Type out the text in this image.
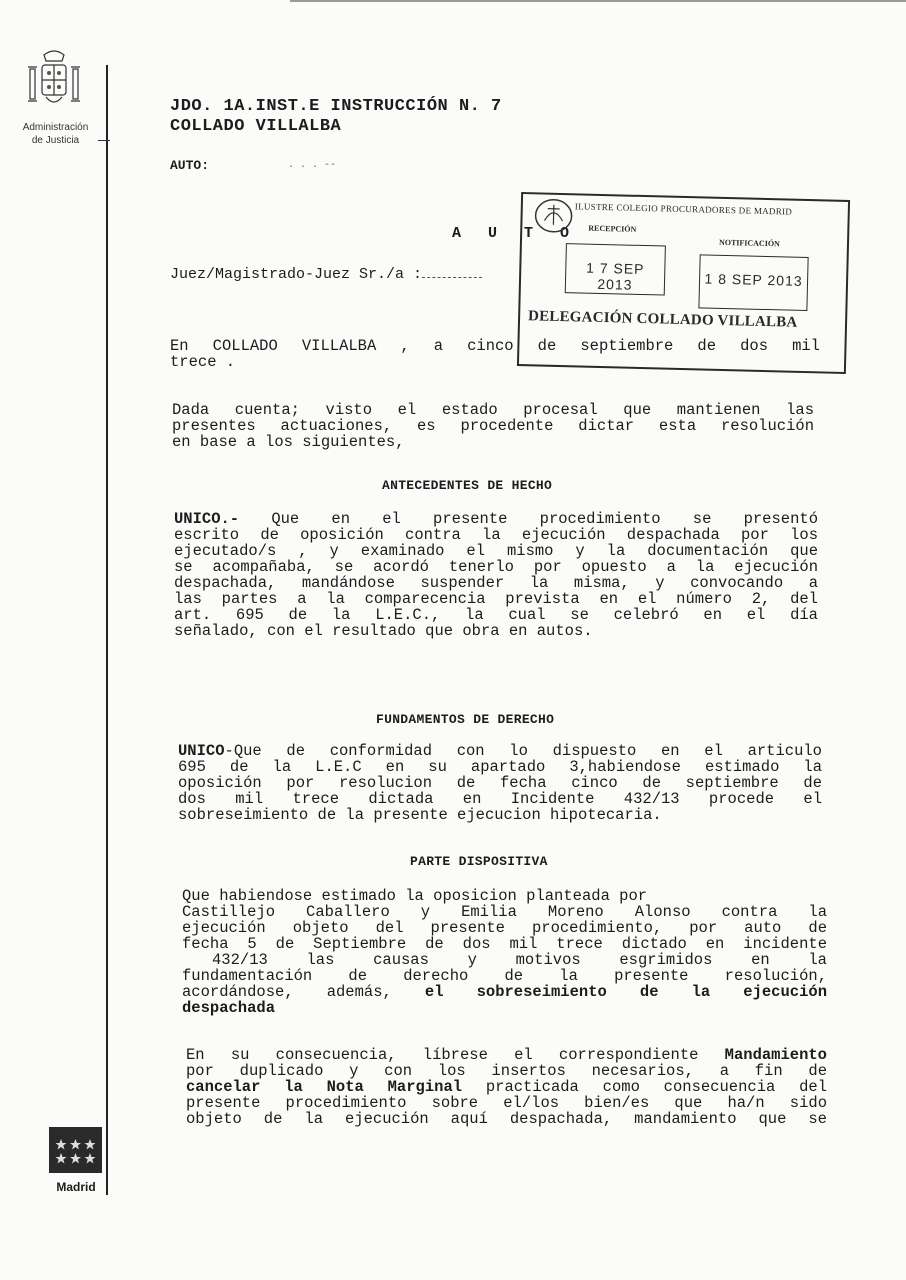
Administración
de Justicia
Madrid
JDO. 1A.INST.E INSTRUCCIÓN N. 7
COLLADO VILLALBA
AUTO:	. . . --
A U T O
Juez/Magistrado-Juez Sr./a :
ILUSTRE COLEGIO PROCURADORES DE MADRID
RECEPCIÓN
NOTIFICACIÓN
1 7 SEP 2013	1 8 SEP 2013
DELEGACIÓN COLLADO VILLALBA
En COLLADO VILLALBA , a cinco de septiembre de dos mil
trece .
Dada cuenta; visto el estado procesal que mantienen las
presentes actuaciones, es procedente dictar esta resolución
en base a los siguientes,
ANTECEDENTES DE HECHO
UNICO.- Que en el presente procedimiento se presentó
escrito de oposición contra la ejecución despachada por los
ejecutado/s , y examinado el mismo y la documentación que
se acompañaba, se acordó tenerlo por opuesto a la ejecución
despachada, mandándose suspender la misma, y convocando a
las partes a la comparecencia prevista en el número 2, del
art. 695 de la L.E.C., la cual se celebró en el día
señalado, con el resultado que obra en autos.
FUNDAMENTOS DE DERECHO
UNICO-Que de conformidad con lo dispuesto en el articulo
695 de la L.E.C en su apartado 3,habiendose estimado la
oposición por resolucion de fecha cinco de septiembre de
dos mil trece dictada en Incidente 432/13 procede el
sobreseimiento de la presente ejecucion hipotecaria.
PARTE DISPOSITIVA
Que habiendose estimado la oposicion planteada por
Castillejo Caballero y Emilia Moreno Alonso contra la
ejecución objeto del presente procedimiento, por auto de
fecha 5 de Septiembre de dos mil trece dictado en incidente
432/13 las causas y motivos esgrimidos en la
fundamentación de derecho de la presente resolución,
acordándose, además, el sobreseimiento de la ejecución
despachada
En su consecuencia, líbrese el correspondiente Mandamiento
por duplicado y con los insertos necesarios, a fin de
cancelar la Nota Marginal practicada como consecuencia del
presente procedimiento sobre el/los bien/es que ha/n sido
objeto de la ejecución aquí despachada, mandamiento que se
